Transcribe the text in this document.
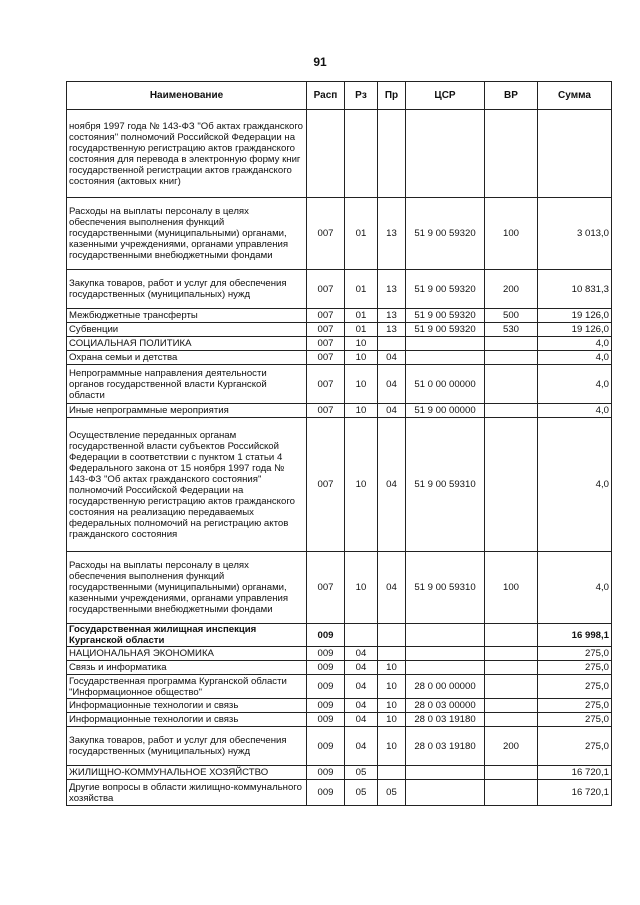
91
Наименование	Расп	Рз	Пр	ЦСР	ВР	Сумма
ноября 1997 года № 143-ФЗ "Об актах гражданского состояния" полномочий Российской Федерации на государственную регистрацию актов гражданского состояния для перевода в электронную форму книг государственной регистрации актов гражданского состояния (актовых книг)						
Расходы на выплаты персоналу в целях обеспечения выполнения функций государственными (муниципальными) органами, казенными учреждениями, органами управления государственными внебюджетными фондами	007	01	13	51 9 00 59320	100	3 013,0
Закупка товаров, работ и услуг для обеспечения государственных (муниципальных) нужд	007	01	13	51 9 00 59320	200	10 831,3
Межбюджетные трансферты	007	01	13	51 9 00 59320	500	19 126,0
Субвенции	007	01	13	51 9 00 59320	530	19 126,0
СОЦИАЛЬНАЯ ПОЛИТИКА	007	10				4,0
Охрана семьи и детства	007	10	04			4,0
Непрограммные направления деятельности органов государственной власти Курганской области	007	10	04	51 0 00 00000		4,0
Иные непрограммные мероприятия	007	10	04	51 9 00 00000		4,0
Осуществление переданных органам государственной власти субъектов Российской Федерации в соответствии с пунктом 1 статьи 4 Федерального закона от 15 ноября 1997 года № 143-ФЗ "Об актах гражданского состояния" полномочий Российской Федерации на государственную регистрацию актов гражданского состояния на реализацию передаваемых федеральных полномочий на регистрацию актов гражданского состояния	007	10	04	51 9 00 59310		4,0
Расходы на выплаты персоналу в целях обеспечения выполнения функций государственными (муниципальными) органами, казенными учреждениями, органами управления государственными внебюджетными фондами	007	10	04	51 9 00 59310	100	4,0
Государственная жилищная инспекция Курганской области	009					16 998,1
НАЦИОНАЛЬНАЯ ЭКОНОМИКА	009	04				275,0
Связь и информатика	009	04	10			275,0
Государственная программа Курганской области "Информационное общество"	009	04	10	28 0 00 00000		275,0
Информационные технологии и связь	009	04	10	28 0 03 00000		275,0
Информационные технологии и связь	009	04	10	28 0 03 19180		275,0
Закупка товаров, работ и услуг для обеспечения государственных (муниципальных) нужд	009	04	10	28 0 03 19180	200	275,0
ЖИЛИЩНО-КОММУНАЛЬНОЕ ХОЗЯЙСТВО	009	05				16 720,1
Другие вопросы в области жилищно-коммунального хозяйства	009	05	05			16 720,1
